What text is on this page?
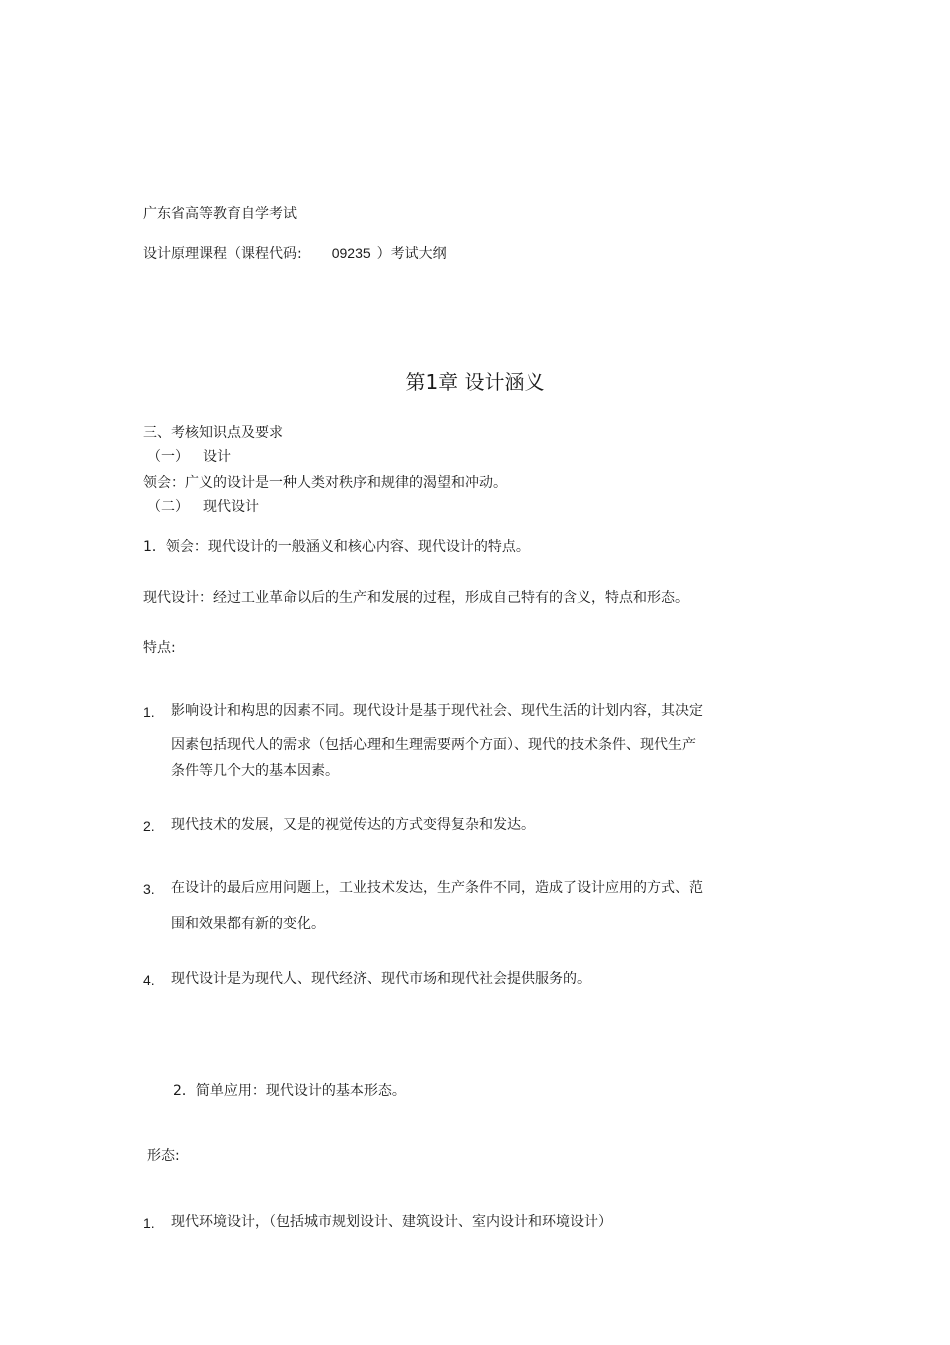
广东省高等教育自学考试
设计原理课程（课程代码: 09235 ）考试大纲
第1章 设计涵义
三、考核知识点及要求
（一） 设计
领会：广义的设计是一种人类对秩序和规律的渴望和冲动。
（二） 现代设计
1．领会：现代设计的一般涵义和核心内容、现代设计的特点。
现代设计：经过工业革命以后的生产和发展的过程，形成自己特有的含义，特点和形态。
特点:
1. 影响设计和构思的因素不同。现代设计是基于现代社会、现代生活的计划内容，其决定
因素包括现代人的需求（包括心理和生理需要两个方面）、现代的技术条件、现代生产
条件等几个大的基本因素。
2. 现代技术的发展，又是的视觉传达的方式变得复杂和发达。
3. 在设计的最后应用问题上，工业技术发达，生产条件不同，造成了设计应用的方式、范
围和效果都有新的变化。
4. 现代设计是为现代人、现代经济、现代市场和现代社会提供服务的。
2．简单应用：现代设计的基本形态。
形态:
1. 现代环境设计，（包括城市规划设计、建筑设计、室内设计和环境设计）
